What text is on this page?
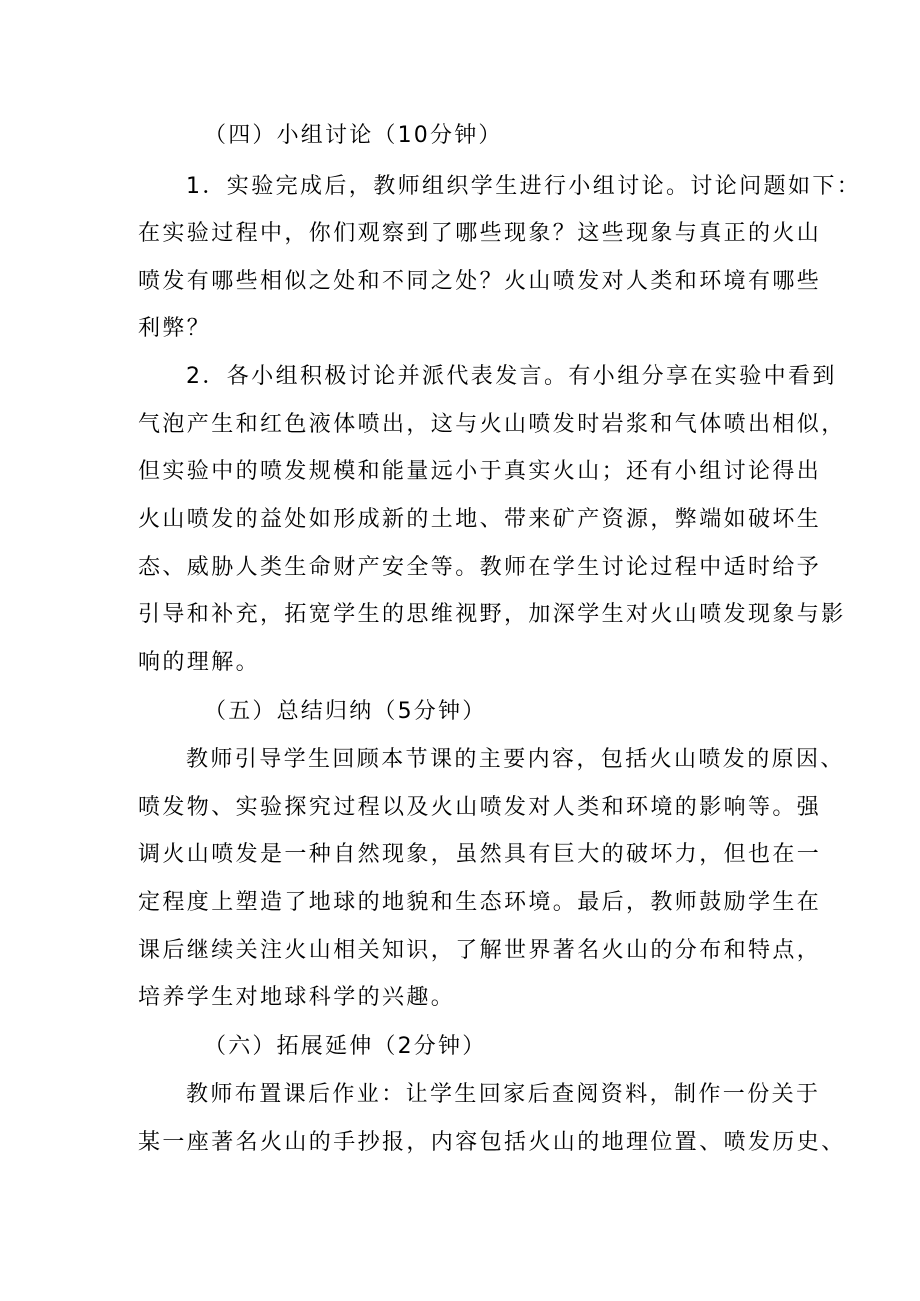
（四）小组讨论（10分钟）
1．实验完成后，教师组织学生进行小组讨论。讨论问题如下：
在实验过程中，你们观察到了哪些现象？这些现象与真正的火山
喷发有哪些相似之处和不同之处？火山喷发对人类和环境有哪些
利弊？
2．各小组积极讨论并派代表发言。有小组分享在实验中看到
气泡产生和红色液体喷出，这与火山喷发时岩浆和气体喷出相似，
但实验中的喷发规模和能量远小于真实火山；还有小组讨论得出
火山喷发的益处如形成新的土地、带来矿产资源，弊端如破坏生
态、威胁人类生命财产安全等。教师在学生讨论过程中适时给予
引导和补充，拓宽学生的思维视野，加深学生对火山喷发现象与影
响的理解。
（五）总结归纳（5分钟）
教师引导学生回顾本节课的主要内容，包括火山喷发的原因、
喷发物、实验探究过程以及火山喷发对人类和环境的影响等。强
调火山喷发是一种自然现象，虽然具有巨大的破坏力，但也在一
定程度上塑造了地球的地貌和生态环境。最后，教师鼓励学生在
课后继续关注火山相关知识，了解世界著名火山的分布和特点，
培养学生对地球科学的兴趣。
（六）拓展延伸（2分钟）
教师布置课后作业：让学生回家后查阅资料，制作一份关于
某一座著名火山的手抄报，内容包括火山的地理位置、喷发历史、
